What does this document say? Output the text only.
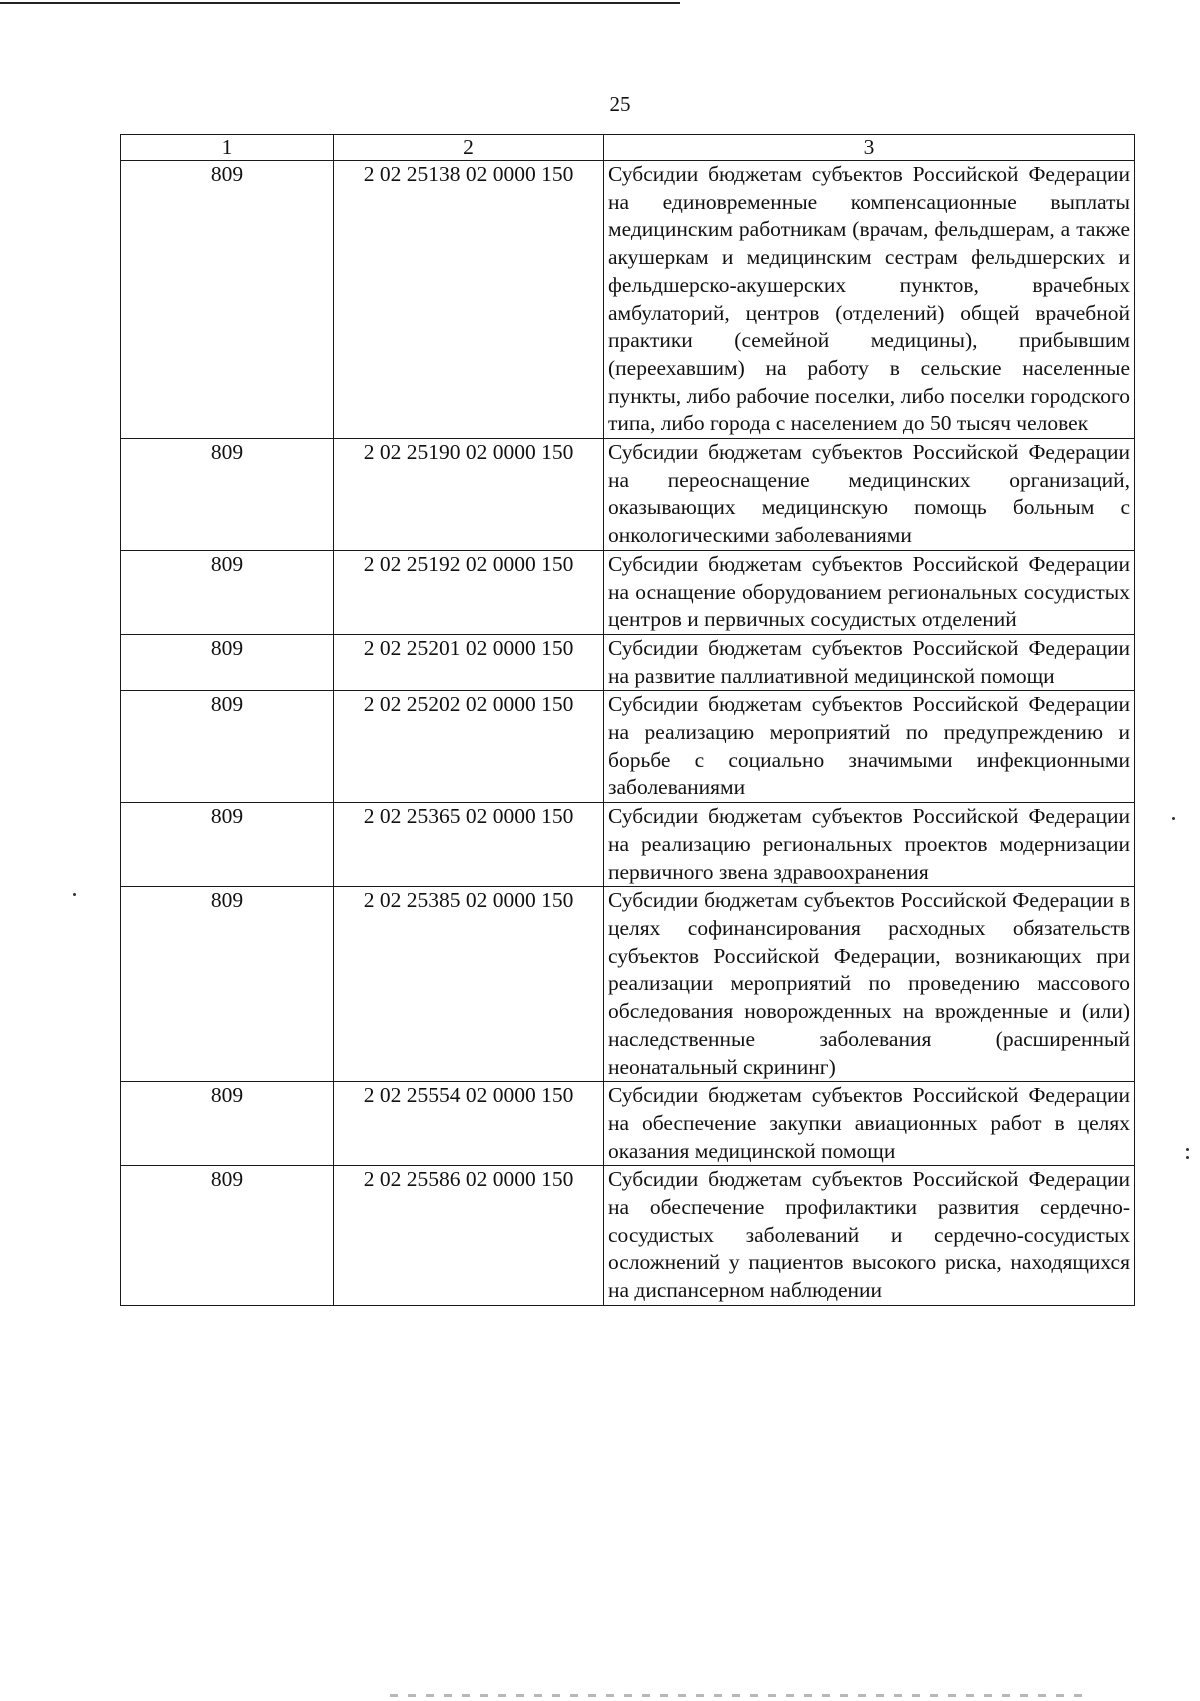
25
1	2	3
809	2 02 25138 02 0000 150	Субсидии бюджетам субъектов Российской Федерации на единовременные компенсационные выплаты медицинским работникам (врачам, фельдшерам, а также акушеркам и медицинским сестрам фельдшерских и фельдшерско-акушерских пунктов, врачебных амбулаторий, центров (отделений) общей врачебной практики (семейной медицины), прибывшим (переехавшим) на работу в сельские населенные пункты, либо рабочие поселки, либо поселки городского типа, либо города с населением до 50 тысяч человек
809	2 02 25190 02 0000 150	Субсидии бюджетам субъектов Российской Федерации на переоснащение медицинских организаций, оказывающих медицинскую помощь больным с онкологическими заболеваниями
809	2 02 25192 02 0000 150	Субсидии бюджетам субъектов Российской Федерации на оснащение оборудованием региональных сосудистых центров и первичных сосудистых отделений
809	2 02 25201 02 0000 150	Субсидии бюджетам субъектов Российской Федерации на развитие паллиативной медицинской помощи
809	2 02 25202 02 0000 150	Субсидии бюджетам субъектов Российской Федерации на реализацию мероприятий по предупреждению и борьбе с социально значимыми инфекционными заболеваниями
809	2 02 25365 02 0000 150	Субсидии бюджетам субъектов Российской Федерации на реализацию региональных проектов модернизации первичного звена здравоохранения
809	2 02 25385 02 0000 150	Субсидии бюджетам субъектов Российской Федерации в целях софинансирования расходных обязательств субъектов Российской Федерации, возникающих при реализации мероприятий по проведению массового обследования новорожденных на врожденные и (или) наследственные заболевания (расширенный неонатальный скрининг)
809	2 02 25554 02 0000 150	Субсидии бюджетам субъектов Российской Федерации на обеспечение закупки авиационных работ в целях оказания медицинской помощи
809	2 02 25586 02 0000 150	Субсидии бюджетам субъектов Российской Федерации на обеспечение профилактики развития сердечно-сосудистых заболеваний и сердечно-сосудистых осложнений у пациентов высокого риска, находящихся на диспансерном наблюдении
